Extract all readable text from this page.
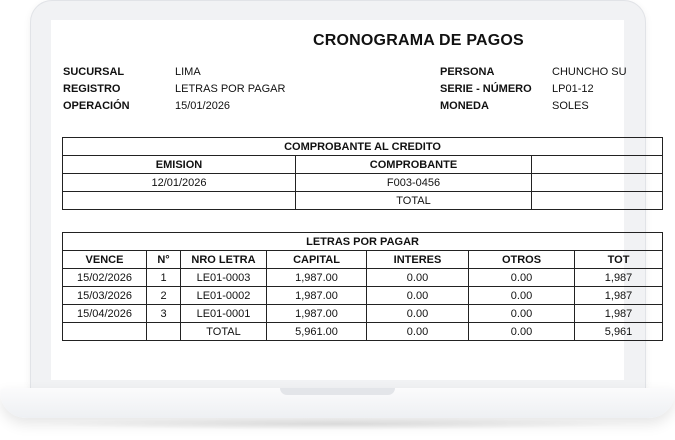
CRONOGRAMA DE PAGOS
SUCURSAL	LIMA
REGISTRO	LETRAS POR PAGAR
OPERACIÓN	15/01/2026
PERSONA	CHUNCHO SU
SERIE - NÚMERO	LP01-12
MONEDA	SOLES
COMPROBANTE AL CREDITO		
EMISION	COMPROBANTE	
12/01/2026	F003-0456	
	TOTAL	
LETRAS POR PAGAR						
VENCE	N°	NRO LETRA	CAPITAL	INTERES	OTROS	TOT
15/02/2026	1	LE01-0003	1,987.00	0.00	0.00	1,987
15/03/2026	2	LE01-0002	1,987.00	0.00	0.00	1,987
15/04/2026	3	LE01-0001	1,987.00	0.00	0.00	1,987
		TOTAL	5,961.00	0.00	0.00	5,961
